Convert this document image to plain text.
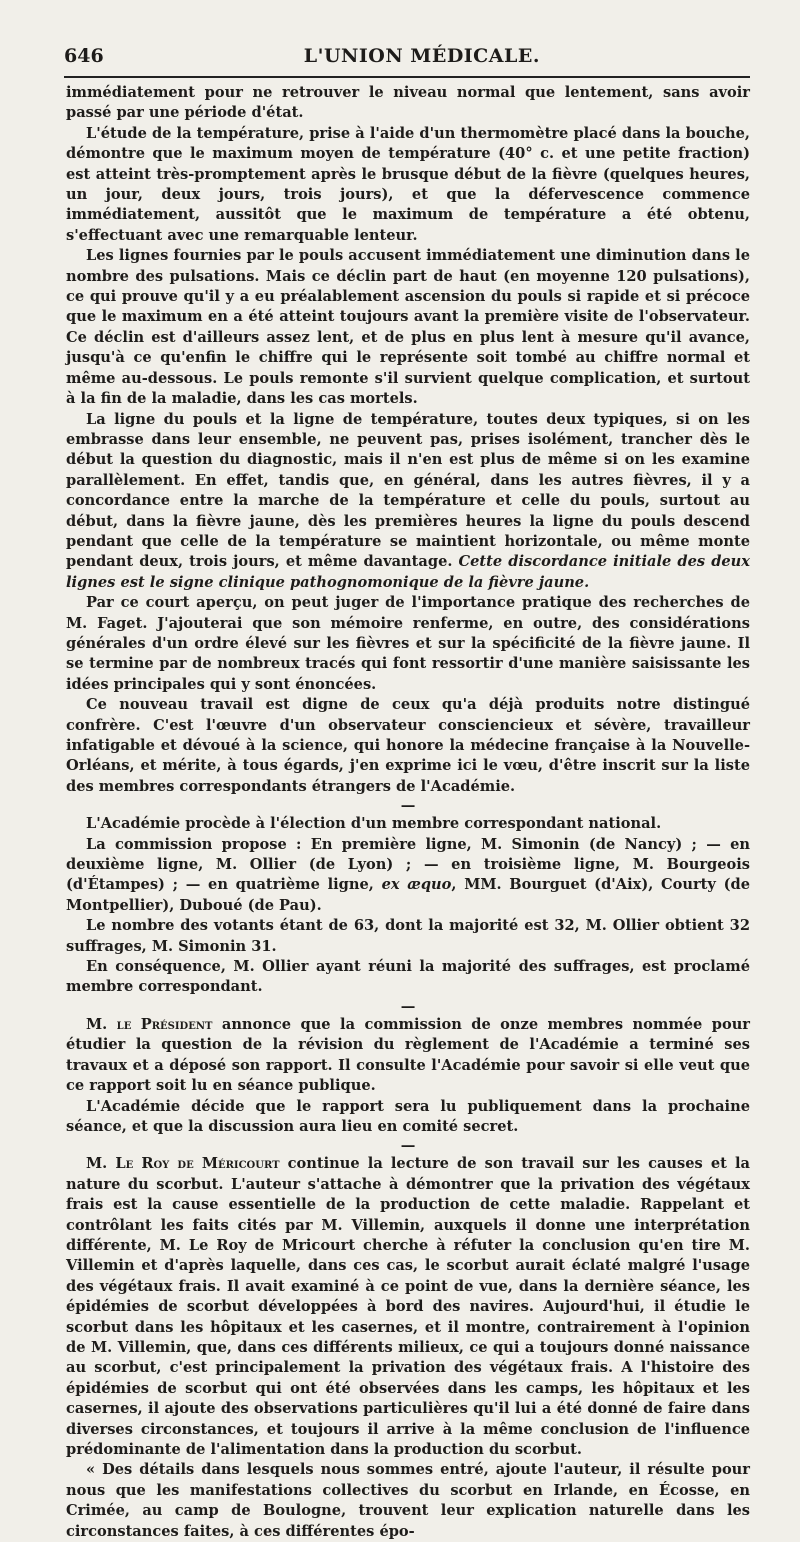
646	L'UNION MÉDICALE.

immédiatement pour ne retrouver le niveau normal que lentement, sans avoir passé par une période d'état.

L'étude de la température, prise à l'aide d'un thermomètre placé dans la bouche, démontre que le maximum moyen de température (40° c. et une petite fraction) est atteint très-promptement après le brusque début de la fièvre (quelques heures, un jour, deux jours, trois jours), et que la défervescence commence immédiatement, aussitôt que le maximum de température a été obtenu, s'effectuant avec une remarquable lenteur.

Les lignes fournies par le pouls accusent immédiatement une diminution dans le nombre des pulsations. Mais ce déclin part de haut (en moyenne 120 pulsations), ce qui prouve qu'il y a eu préalablement ascension du pouls si rapide et si précoce que le maximum en a été atteint toujours avant la première visite de l'observateur. Ce déclin est d'ailleurs assez lent, et de plus en plus lent à mesure qu'il avance, jusqu'à ce qu'enfin le chiffre qui le représente soit tombé au chiffre normal et même au-dessous. Le pouls remonte s'il survient quelque complication, et surtout à la fin de la maladie, dans les cas mortels.

La ligne du pouls et la ligne de température, toutes deux typiques, si on les embrasse dans leur ensemble, ne peuvent pas, prises isolément, trancher dès le début la question du diagnostic, mais il n'en est plus de même si on les examine parallèlement. En effet, tandis que, en général, dans les autres fièvres, il y a concordance entre la marche de la température et celle du pouls, surtout au début, dans la fièvre jaune, dès les premières heures la ligne du pouls descend pendant que celle de la température se maintient horizontale, ou même monte pendant deux, trois jours, et même davantage. Cette discordance initiale des deux lignes est le signe clinique pathognomonique de la fièvre jaune.

Par ce court aperçu, on peut juger de l'importance pratique des recherches de M. Faget. J'ajouterai que son mémoire renferme, en outre, des considérations générales d'un ordre élevé sur les fièvres et sur la spécificité de la fièvre jaune. Il se termine par de nombreux tracés qui font ressortir d'une manière saisissante les idées principales qui y sont énoncées.

Ce nouveau travail est digne de ceux qu'a déjà produits notre distingué confrère. C'est l'œuvre d'un observateur consciencieux et sévère, travailleur infatigable et dévoué à la science, qui honore la médecine française à la Nouvelle-Orléans, et mérite, à tous égards, j'en exprime ici le vœu, d'être inscrit sur la liste des membres correspondants étrangers de l'Académie.

—

L'Académie procède à l'élection d'un membre correspondant national.

La commission propose : En première ligne, M. Simonin (de Nancy) ; — en deuxième ligne, M. Ollier (de Lyon) ; — en troisième ligne, M. Bourgeois (d'Étampes) ; — en quatrième ligne, ex æquo, MM. Bourguet (d'Aix), Courty (de Montpellier), Duboué (de Pau).

Le nombre des votants étant de 63, dont la majorité est 32, M. Ollier obtient 32 suffrages, M. Simonin 31.

En conséquence, M. Ollier ayant réuni la majorité des suffrages, est proclamé membre correspondant.

—

M. le Président annonce que la commission de onze membres nommée pour étudier la question de la révision du règlement de l'Académie a terminé ses travaux et a déposé son rapport. Il consulte l'Académie pour savoir si elle veut que ce rapport soit lu en séance publique.

L'Académie décide que le rapport sera lu publiquement dans la prochaine séance, et que la discussion aura lieu en comité secret.

—

M. Le Roy de Méricourt continue la lecture de son travail sur les causes et la nature du scorbut. L'auteur s'attache à démontrer que la privation des végétaux frais est la cause essentielle de la production de cette maladie. Rappelant et contrôlant les faits cités par M. Villemin, auxquels il donne une interprétation différente, M. Le Roy de Mricourt cherche à réfuter la conclusion qu'en tire M. Villemin et d'après laquelle, dans ces cas, le scorbut aurait éclaté malgré l'usage des végétaux frais. Il avait examiné à ce point de vue, dans la dernière séance, les épidémies de scorbut développées à bord des navires. Aujourd'hui, il étudie le scorbut dans les hôpitaux et les casernes, et il montre, contrairement à l'opinion de M. Villemin, que, dans ces différents milieux, ce qui a toujours donné naissance au scorbut, c'est principalement la privation des végétaux frais. A l'histoire des épidémies de scorbut qui ont été observées dans les camps, les hôpitaux et les casernes, il ajoute des observations particulières qu'il lui a été donné de faire dans diverses circonstances, et toujours il arrive à la même conclusion de l'influence prédominante de l'alimentation dans la production du scorbut.

« Des détails dans lesquels nous sommes entré, ajoute l'auteur, il résulte pour nous que les manifestations collectives du scorbut en Irlande, en Écosse, en Crimée, au camp de Boulogne, trouvent leur explication naturelle dans les circonstances faites, à ces différentes épo-
